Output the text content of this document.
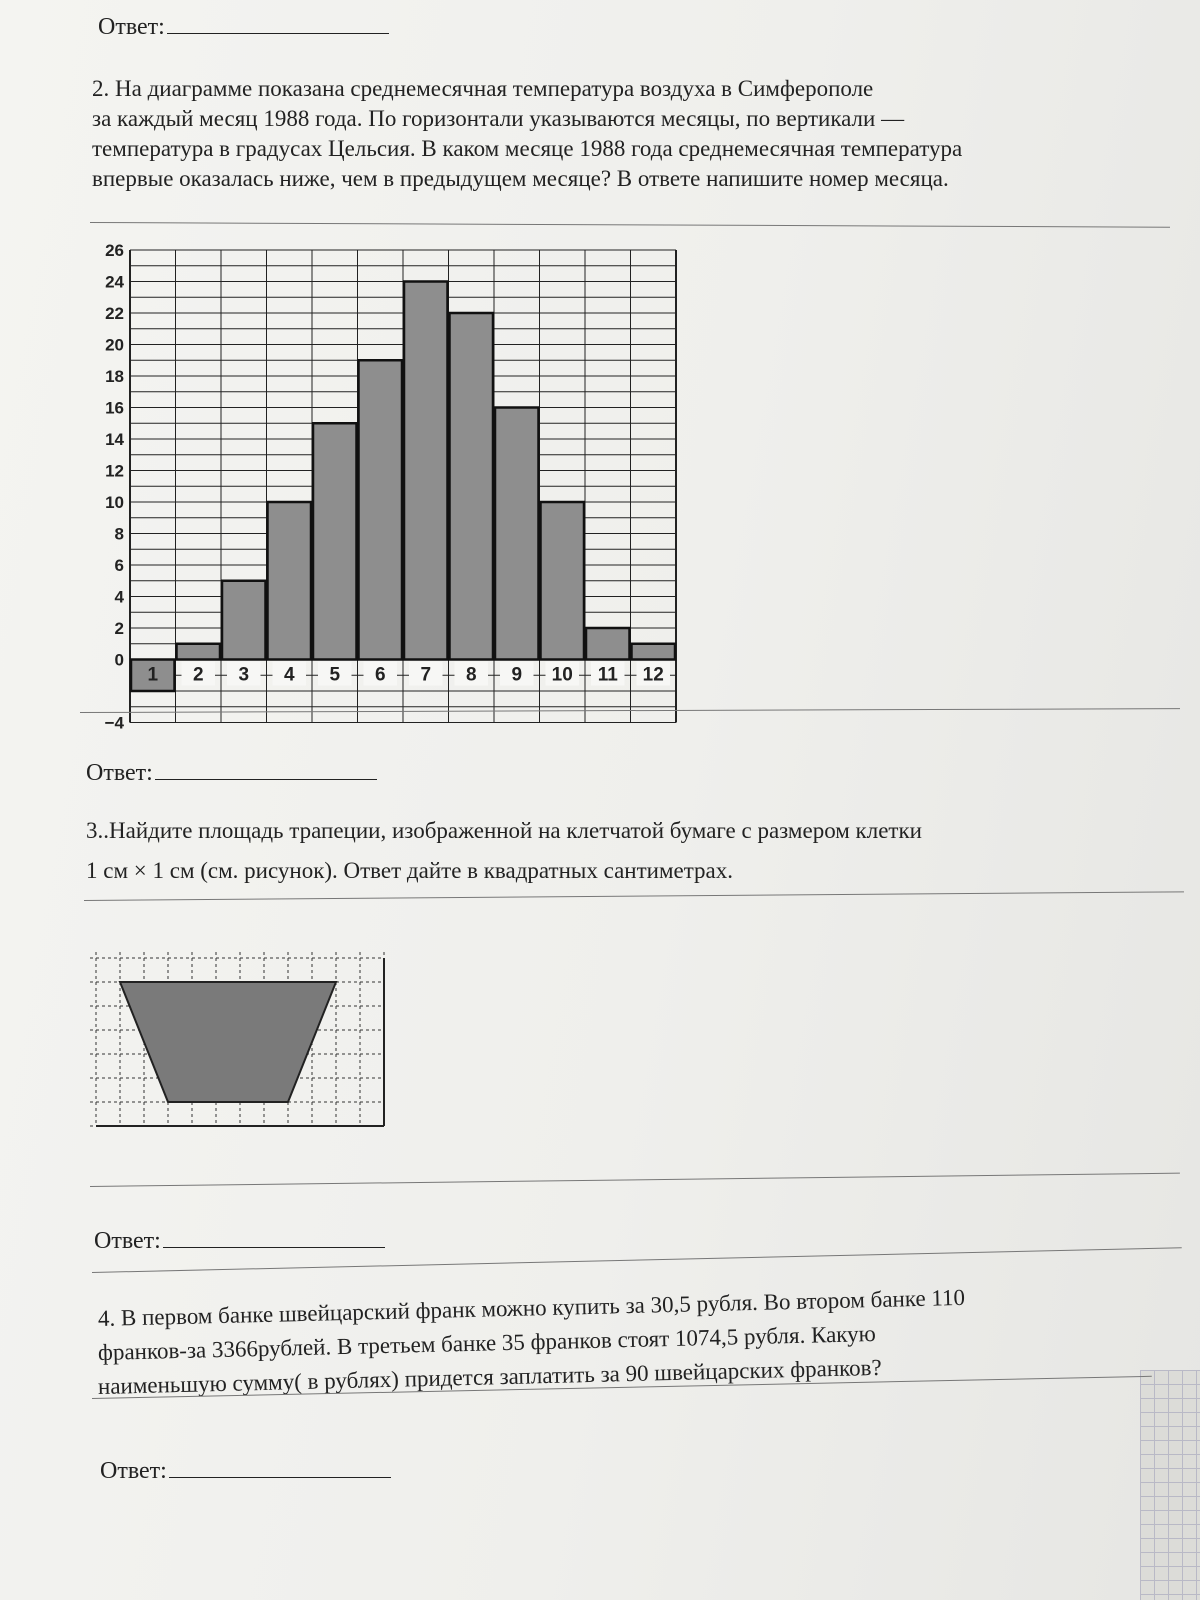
Ответ:
2. На диаграмме показана среднемесячная температура воздуха в Симферополе
за каждый месяц 1988 года. По горизонтали указываются месяцы, по вертикали —
температура в градусах Цельсия. В каком месяце 1988 года среднемесячная температура
впервые оказалась ниже, чем в предыдущем месяце? В ответе напишите номер месяца.
26
24
22
20
18
16
14
12
10
8
6
4
2
0
−4
1 2 3 4 5 6 7 8 9 10 11 12
Ответ:
3..Найдите площадь трапеции, изображенной на клетчатой бумаге с размером клетки
1 см × 1 см (см. рисунок). Ответ дайте в квадратных сантиметрах.
Ответ:
4. В первом банке швейцарский франк можно купить за 30,5 рубля. Во втором банке 110
франков-за 3366рублей. В третьем банке 35 франков стоят 1074,5 рубля. Какую
наименьшую сумму( в рублях) придется заплатить за 90 швейцарских франков?
Ответ:
